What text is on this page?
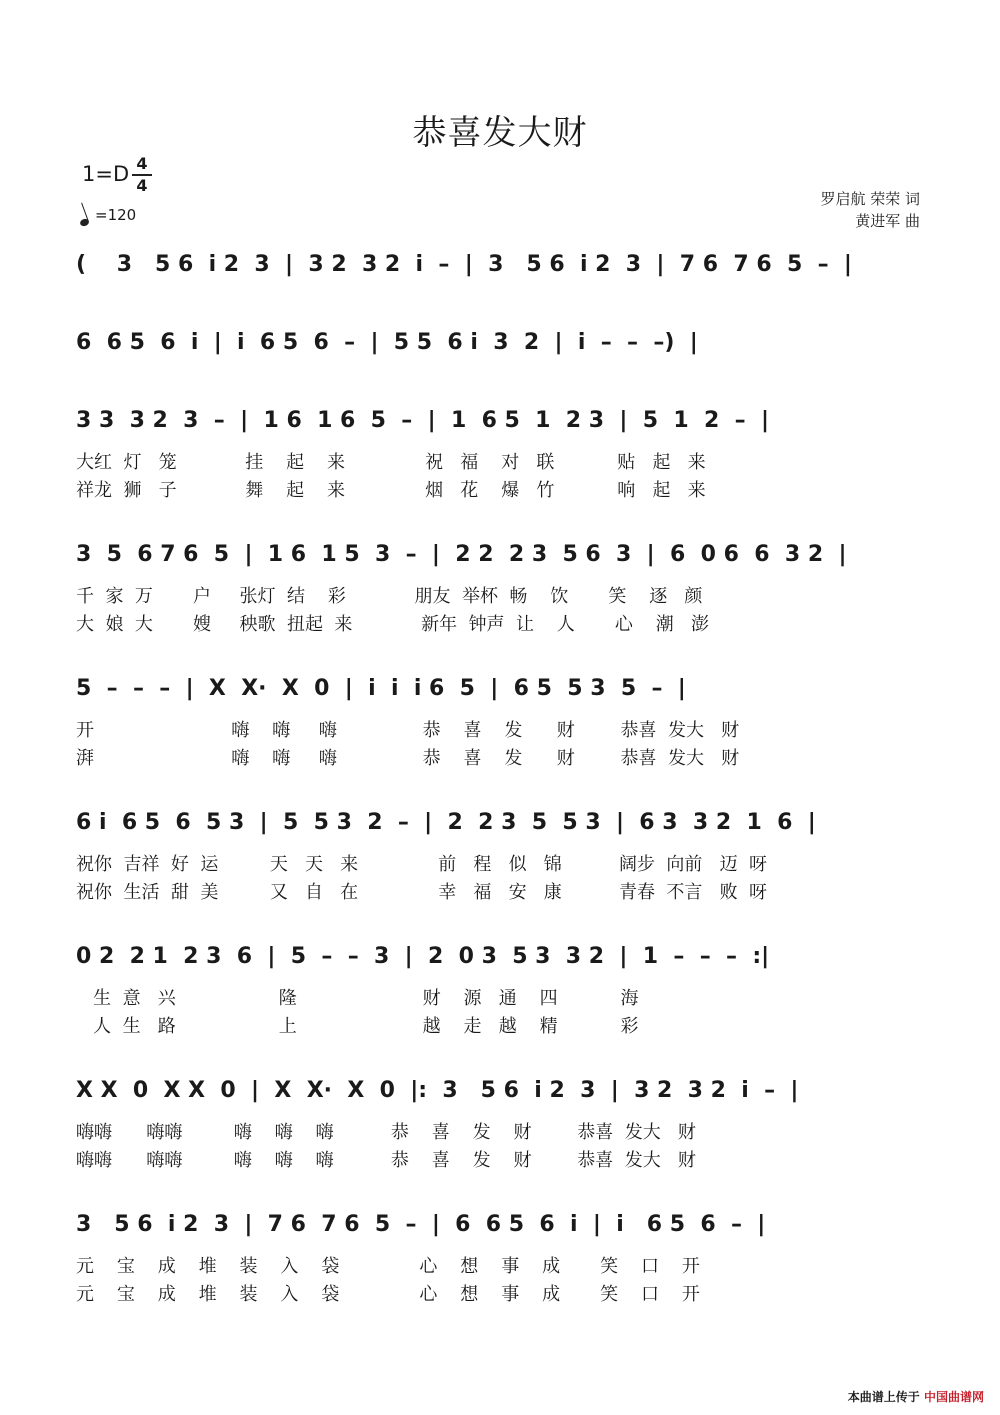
恭喜发大财
1=D 4
4
=120
罗启航 荣荣 词
黄进军 曲
(    3   5 6  i 2  3  |  3 2  3 2  i  –  |  3   5 6  i 2  3  |  7 6  7 6  5  –  |
6  6 5  6  i  |  i  6 5  6  –  |  5 5  6 i  3  2  |  i  –  –  –)  |
3 3  3 2  3  –  |  1 6  1 6  5  –  |  1  6 5  1  2 3  |  5  1  2  –  |
大红  灯   笼            挂    起    来              祝   福    对   联           贴   起   来
祥龙  狮   子            舞    起    来              烟   花    爆   竹           响   起   来
3  5  6 7 6  5  |  1 6  1 5  3  –  |  2 2  2 3  5 6  3  |  6  0 6  6  3 2  |
千  家  万       户     张灯  结    彩            朋友  举杯  畅    饮       笑    逐   颜
大  娘  大       嫂     秧歌  扭起  来            新年  钟声  让    人       心    潮   澎
5  –  –  –  |  X  X·  X  0  |  i  i  i 6  5  |  6 5  5 3  5  –  |
开                        嗨    嗨     嗨               恭    喜    发      财        恭喜  发大   财
湃                        嗨    嗨     嗨               恭    喜    发      财        恭喜  发大   财
6 i  6 5  6  5 3  |  5  5 3  2  –  |  2  2 3  5  5 3  |  6 3  3 2  1  6  |
祝你  吉祥  好  运         天   天   来              前   程   似   锦          阔步  向前   迈  呀
祝你  生活  甜  美         又   自   在              幸   福   安   康          青春  不言   败  呀
0 2  2 1  2 3  6  |  5  –  –  3  |  2  0 3  5 3  3 2  |  1  –  –  –  :|
生  意   兴                  隆                      财    源   通    四           海
人  生   路                  上                      越    走   越    精           彩
X X  0  X X  0  |  X  X·  X  0  |:  3   5 6  i 2  3  |  3 2  3 2  i  –  |
嗨嗨      嗨嗨         嗨    嗨    嗨          恭    喜    发    财        恭喜  发大   财
嗨嗨      嗨嗨         嗨    嗨    嗨          恭    喜    发    财        恭喜  发大   财
3   5 6  i 2  3  |  7 6  7 6  5  –  |  6  6 5  6  i  |  i   6 5  6  –  |
元    宝    成    堆    装    入    袋              心    想    事    成       笑    口    开
元    宝    成    堆    装    入    袋              心    想    事    成       笑    口    开
本曲谱上传于 中国曲谱网
